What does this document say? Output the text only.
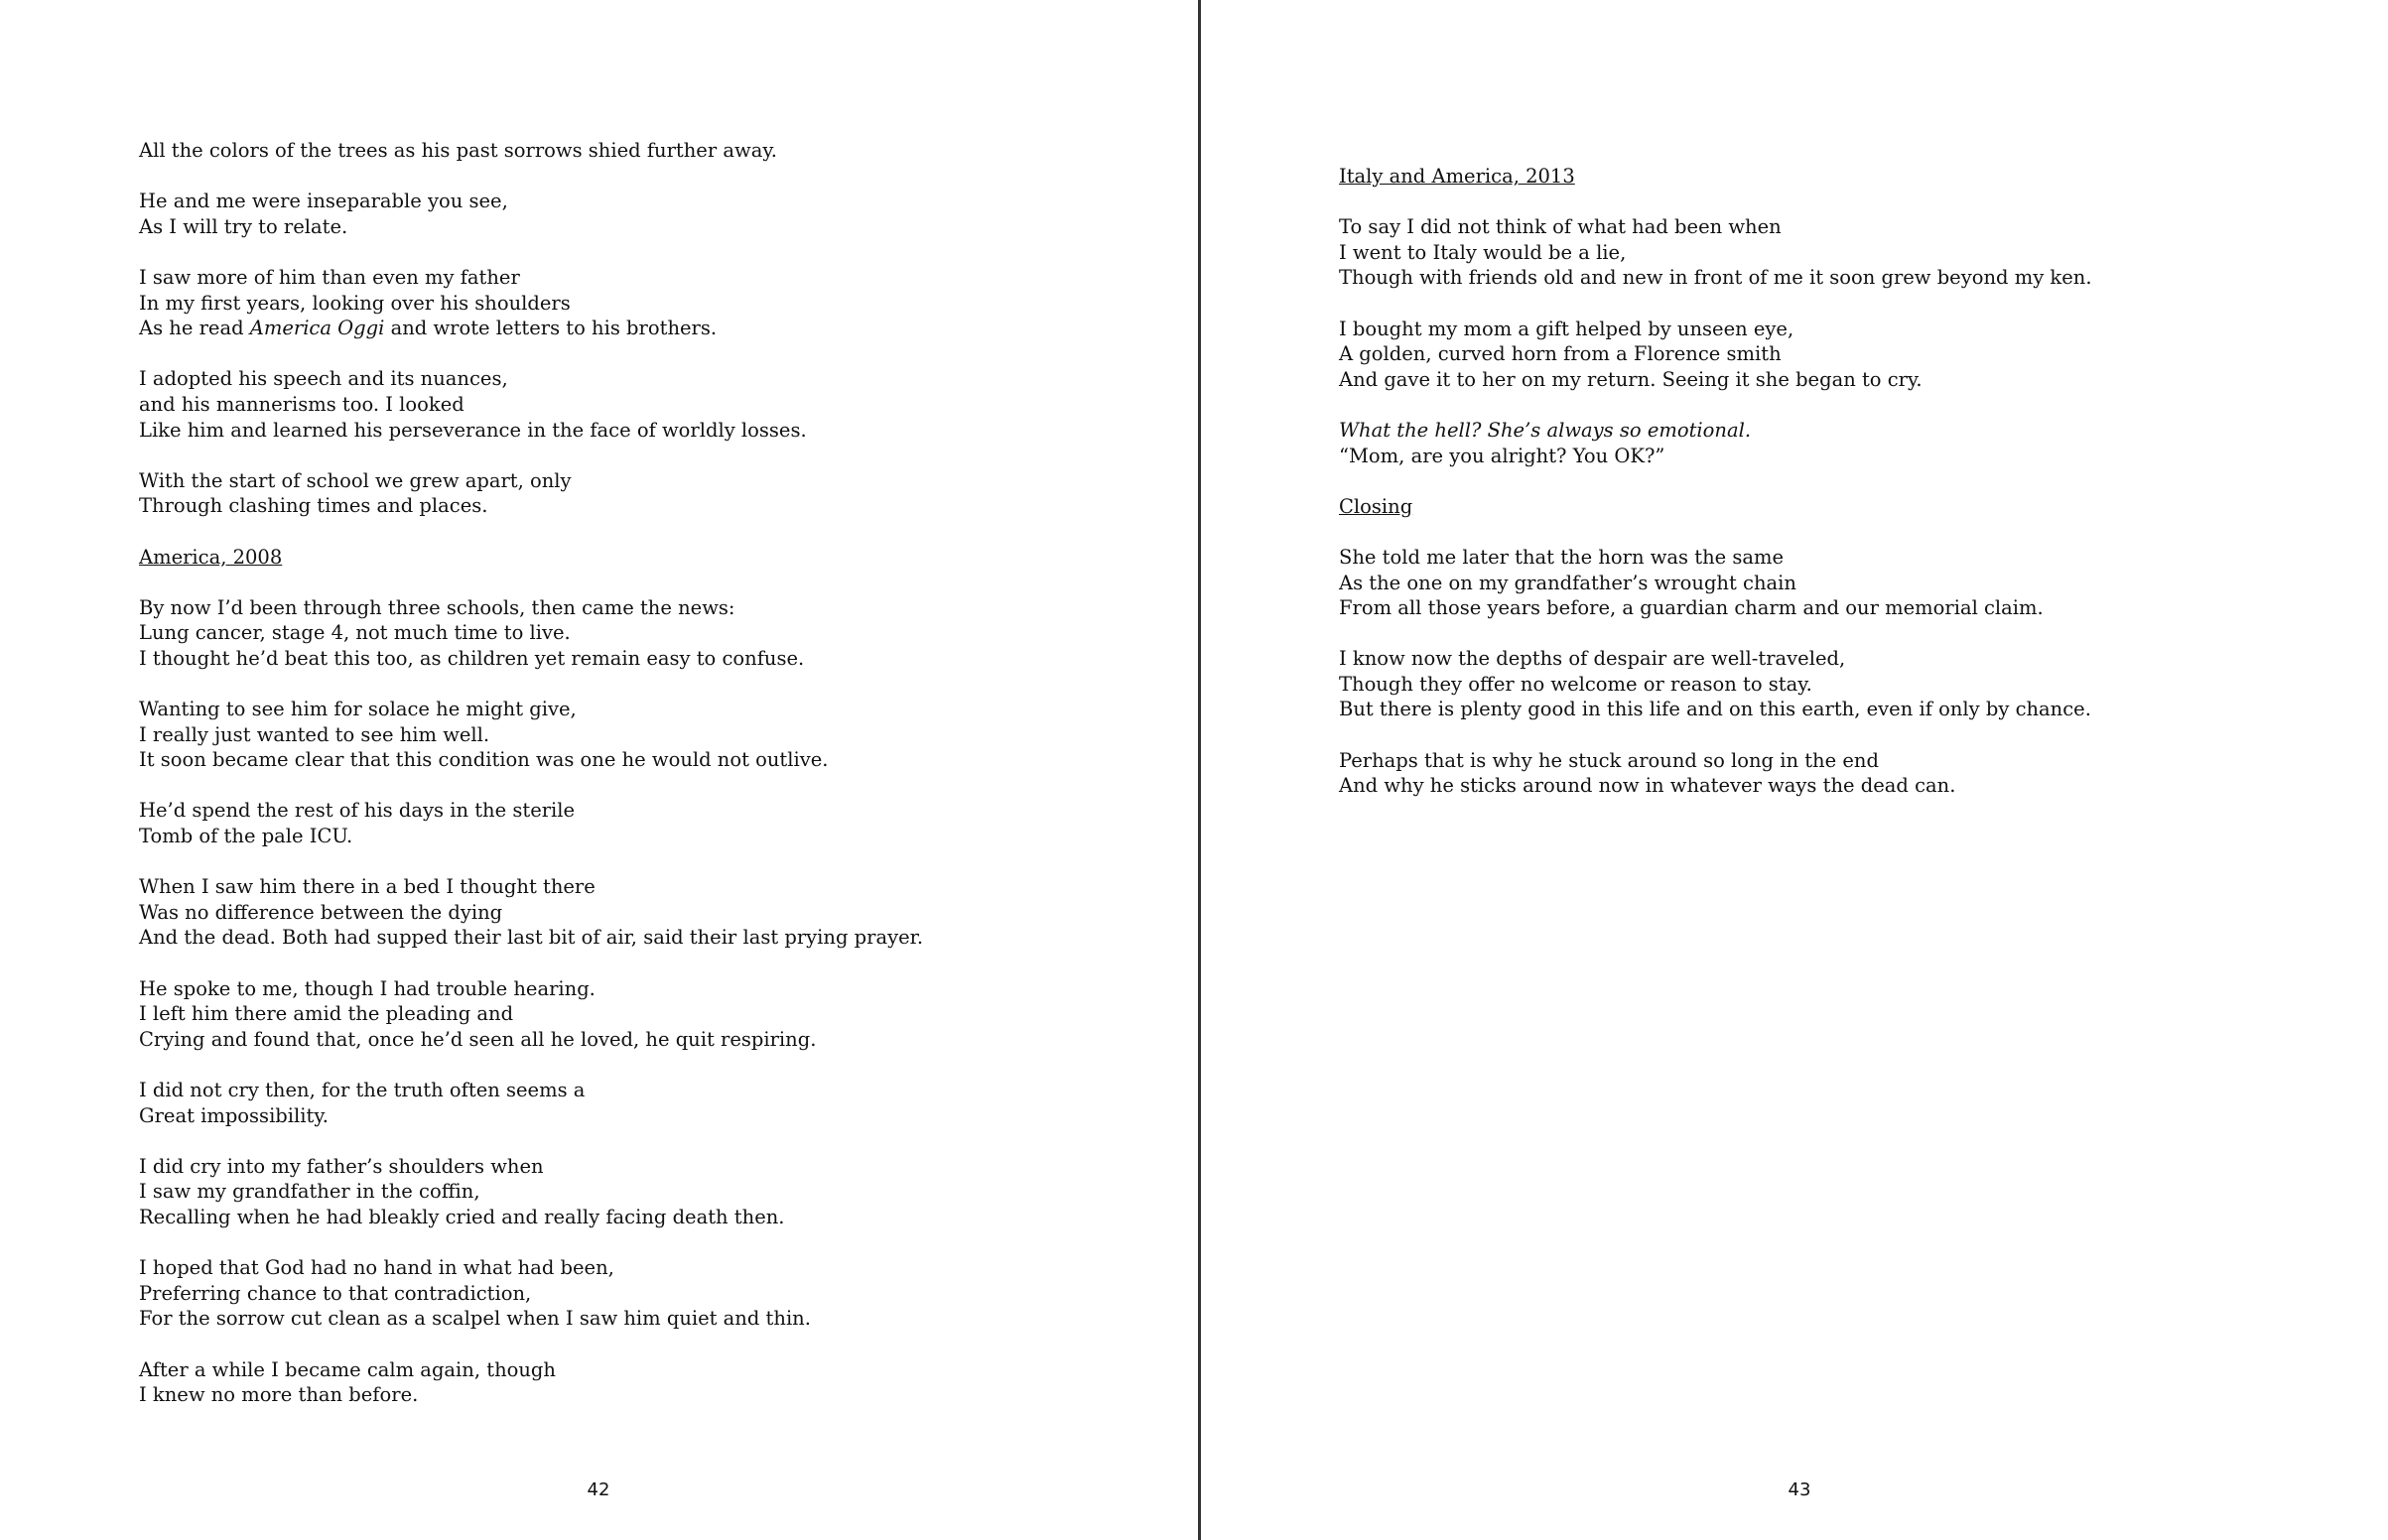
All the colors of the trees as his past sorrows shied further away.
He and me were inseparable you see,
As I will try to relate.
I saw more of him than even my father
In my first years, looking over his shoulders
As he read America Oggi and wrote letters to his brothers.
I adopted his speech and its nuances,
and his mannerisms too. I looked
Like him and learned his perseverance in the face of worldly losses.
With the start of school we grew apart, only
Through clashing times and places.
America, 2008
By now I’d been through three schools, then came the news:
Lung cancer, stage 4, not much time to live.
I thought he’d beat this too, as children yet remain easy to confuse.
Wanting to see him for solace he might give,
I really just wanted to see him well.
It soon became clear that this condition was one he would not outlive.
He’d spend the rest of his days in the sterile
Tomb of the pale ICU.
When I saw him there in a bed I thought there
Was no difference between the dying
And the dead. Both had supped their last bit of air, said their last prying prayer.
He spoke to me, though I had trouble hearing.
I left him there amid the pleading and
Crying and found that, once he’d seen all he loved, he quit respiring.
I did not cry then, for the truth often seems a
Great impossibility.
I did cry into my father’s shoulders when
I saw my grandfather in the coffin,
Recalling when he had bleakly cried and really facing death then.
I hoped that God had no hand in what had been,
Preferring chance to that contradiction,
For the sorrow cut clean as a scalpel when I saw him quiet and thin.
After a while I became calm again, though
I knew no more than before.
42
Italy and America, 2013
To say I did not think of what had been when
I went to Italy would be a lie,
Though with friends old and new in front of me it soon grew beyond my ken.
I bought my mom a gift helped by unseen eye,
A golden, curved horn from a Florence smith
And gave it to her on my return. Seeing it she began to cry.
What the hell? She’s always so emotional.
“Mom, are you alright? You OK?”
Closing
She told me later that the horn was the same
As the one on my grandfather’s wrought chain
From all those years before, a guardian charm and our memorial claim.
I know now the depths of despair are well-traveled,
Though they offer no welcome or reason to stay.
But there is plenty good in this life and on this earth, even if only by chance.
Perhaps that is why he stuck around so long in the end
And why he sticks around now in whatever ways the dead can.
43
